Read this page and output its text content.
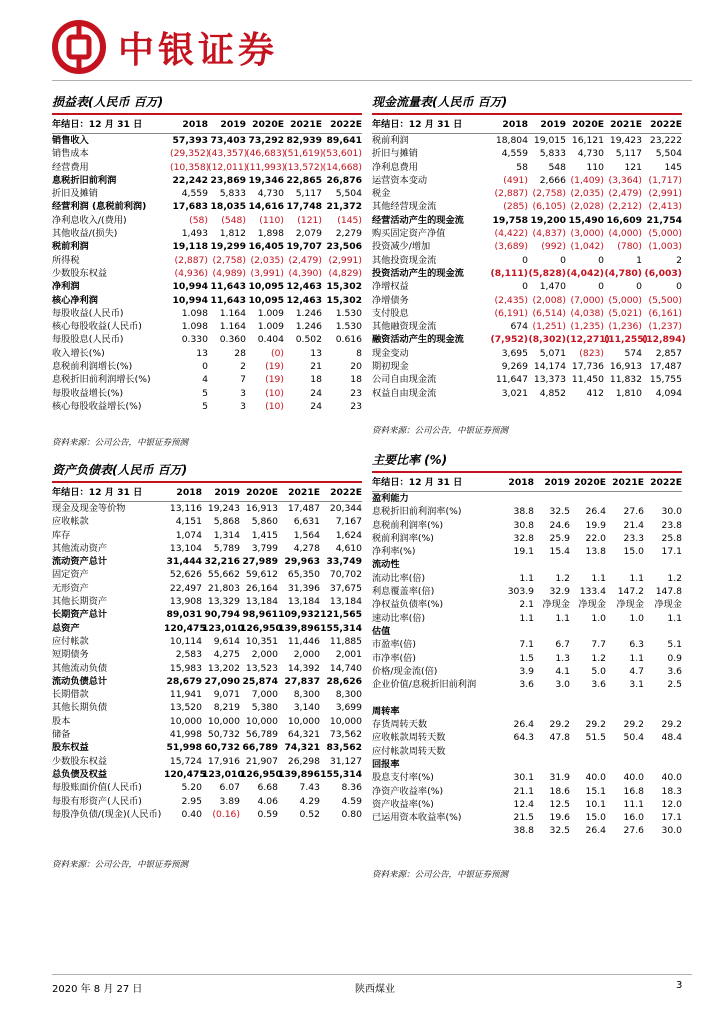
中银证券
损益表(人民币 百万)
年结日：12 月 31 日	2018	2019	2020E	2021E	2022E
销售收入	57,393	73,403	73,292	82,939	89,641
销售成本	(29,352)	(43,357)	(46,683)	(51,619)	(53,601)
经营费用	(10,358)	(12,011)	(11,993)	(13,572)	(14,668)
息税折旧前利润	22,242	23,869	19,346	22,865	26,876
折旧及摊销	4,559	5,833	4,730	5,117	5,504
经营利润 (息税前利润)	17,683	18,035	14,616	17,748	21,372
净利息收入/(费用)	(58)	(548)	(110)	(121)	(145)
其他收益/(损失)	1,493	1,812	1,898	2,079	2,279
税前利润	19,118	19,299	16,405	19,707	23,506
所得税	(2,887)	(2,758)	(2,035)	(2,479)	(2,991)
少数股东权益	(4,936)	(4,989)	(3,991)	(4,390)	(4,829)
净利润	10,994	11,643	10,095	12,463	15,302
核心净利润	10,994	11,643	10,095	12,463	15,302
每股收益(人民币)	1.098	1.164	1.009	1.246	1.530
核心每股收益(人民币)	1.098	1.164	1.009	1.246	1.530
每股股息(人民币)	0.330	0.360	0.404	0.502	0.616
收入增长(%)	13	28	(0)	13	8
息税前利润增长(%)	0	2	(19)	21	20
息税折旧前利润增长(%)	4	7	(19)	18	18
每股收益增长(%)	5	3	(10)	24	23
核心每股收益增长(%)	5	3	(10)	24	23
资料来源：公司公告，中银证券预测
资产负债表(人民币 百万)
年结日：12 月 31 日	2018	2019	2020E	2021E	2022E
现金及现金等价物	13,116	19,243	16,913	17,487	20,344
应收帐款	4,151	5,868	5,860	6,631	7,167
库存	1,074	1,314	1,415	1,564	1,624
其他流动资产	13,104	5,789	3,799	4,278	4,610
流动资产总计	31,444	32,216	27,989	29,963	33,749
固定资产	52,626	55,662	59,612	65,350	70,702
无形资产	22,497	21,803	26,164	31,396	37,675
其他长期资产	13,908	13,329	13,184	13,184	13,184
长期资产总计	89,031	90,794	98,961	109,932	121,565
总资产	120,475	123,010	126,950	139,896	155,314
应付帐款	10,114	9,614	10,351	11,446	11,885
短期债务	2,583	4,275	2,000	2,000	2,001
其他流动负债	15,983	13,202	13,523	14,392	14,740
流动负债总计	28,679	27,090	25,874	27,837	28,626
长期借款	11,941	9,071	7,000	8,300	8,300
其他长期负债	13,520	8,219	5,380	3,140	3,699
股本	10,000	10,000	10,000	10,000	10,000
储备	41,998	50,732	56,789	64,321	73,562
股东权益	51,998	60,732	66,789	74,321	83,562
少数股东权益	15,724	17,916	21,907	26,298	31,127
总负债及权益	120,475	123,010	126,950	139,896	155,314
每股账面价值(人民币)	5.20	6.07	6.68	7.43	8.36
每股有形资产(人民币)	2.95	3.89	4.06	4.29	4.59
每股净负债/(现金)(人民币)	0.40	(0.16)	0.59	0.52	0.80
资料来源：公司公告，中银证券预测
现金流量表(人民币 百万)
年结日：12 月 31 日	2018	2019	2020E	2021E	2022E
税前利润	18,804	19,015	16,121	19,423	23,222
折旧与摊销	4,559	5,833	4,730	5,117	5,504
净利息费用	58	548	110	121	145
运营资本变动	(491)	2,666	(1,409)	(3,364)	(1,717)
税金	(2,887)	(2,758)	(2,035)	(2,479)	(2,991)
其他经营现金流	(285)	(6,105)	(2,028)	(2,212)	(2,413)
经营活动产生的现金流	19,758	19,200	15,490	16,609	21,754
购买固定资产净值	(4,422)	(4,837)	(3,000)	(4,000)	(5,000)
投资减少/增加	(3,689)	(992)	(1,042)	(780)	(1,003)
其他投资现金流	0	0	0	1	2
投资活动产生的现金流	(8,111)	(5,828)	(4,042)	(4,780)	(6,003)
净增权益	0	1,470	0	0	0
净增债务	(2,435)	(2,008)	(7,000)	(5,000)	(5,500)
支付股息	(6,191)	(6,514)	(4,038)	(5,021)	(6,161)
其他融资现金流	674	(1,251)	(1,235)	(1,236)	(1,237)
融资活动产生的现金流	(7,952)	(8,302)	(12,271)	(11,255)	(12,894)
现金变动	3,695	5,071	(823)	574	2,857
期初现金	9,269	14,174	17,736	16,913	17,487
公司自由现金流	11,647	13,373	11,450	11,832	15,755
权益自由现金流	3,021	4,852	412	1,810	4,094
资料来源：公司公告，中银证券预测
主要比率 (%)
年结日：12 月 31 日	2018	2019	2020E	2021E	2022E
盈利能力					
息税折旧前利润率(%)	38.8	32.5	26.4	27.6	30.0
息税前利润率(%)	30.8	24.6	19.9	21.4	23.8
税前利润率(%)	32.8	25.9	22.0	23.3	25.8
净利率(%)	19.1	15.4	13.8	15.0	17.1
流动性					
流动比率(倍)	1.1	1.2	1.1	1.1	1.2
利息覆盖率(倍)	303.9	32.9	133.4	147.2	147.8
净权益负债率(%)	2.1	净现金	净现金	净现金	净现金
速动比率(倍)	1.1	1.1	1.0	1.0	1.1
估值					
市盈率(倍)	7.1	6.7	7.7	6.3	5.1
市净率(倍)	1.5	1.3	1.2	1.1	0.9
价格/现金流(倍)	3.9	4.1	5.0	4.7	3.6
企业价值/息税折旧前利润	3.6	3.0	3.6	3.1	2.5

周转率					
存货周转天数	26.4	29.2	29.2	29.2	29.2
应收帐款周转天数	64.3	47.8	51.5	50.4	48.4
应付帐款周转天数					
回报率					
股息支付率(%)	30.1	31.9	40.0	40.0	40.0
净资产收益率(%)	21.1	18.6	15.1	16.8	18.3
资产收益率(%)	12.4	12.5	10.1	11.1	12.0
已运用资本收益率(%)	21.5	19.6	15.0	16.0	17.1
	38.8	32.5	26.4	27.6	30.0
资料来源：公司公告，中银证券预测
2020 年 8 月 27 日	陕西煤业	3
